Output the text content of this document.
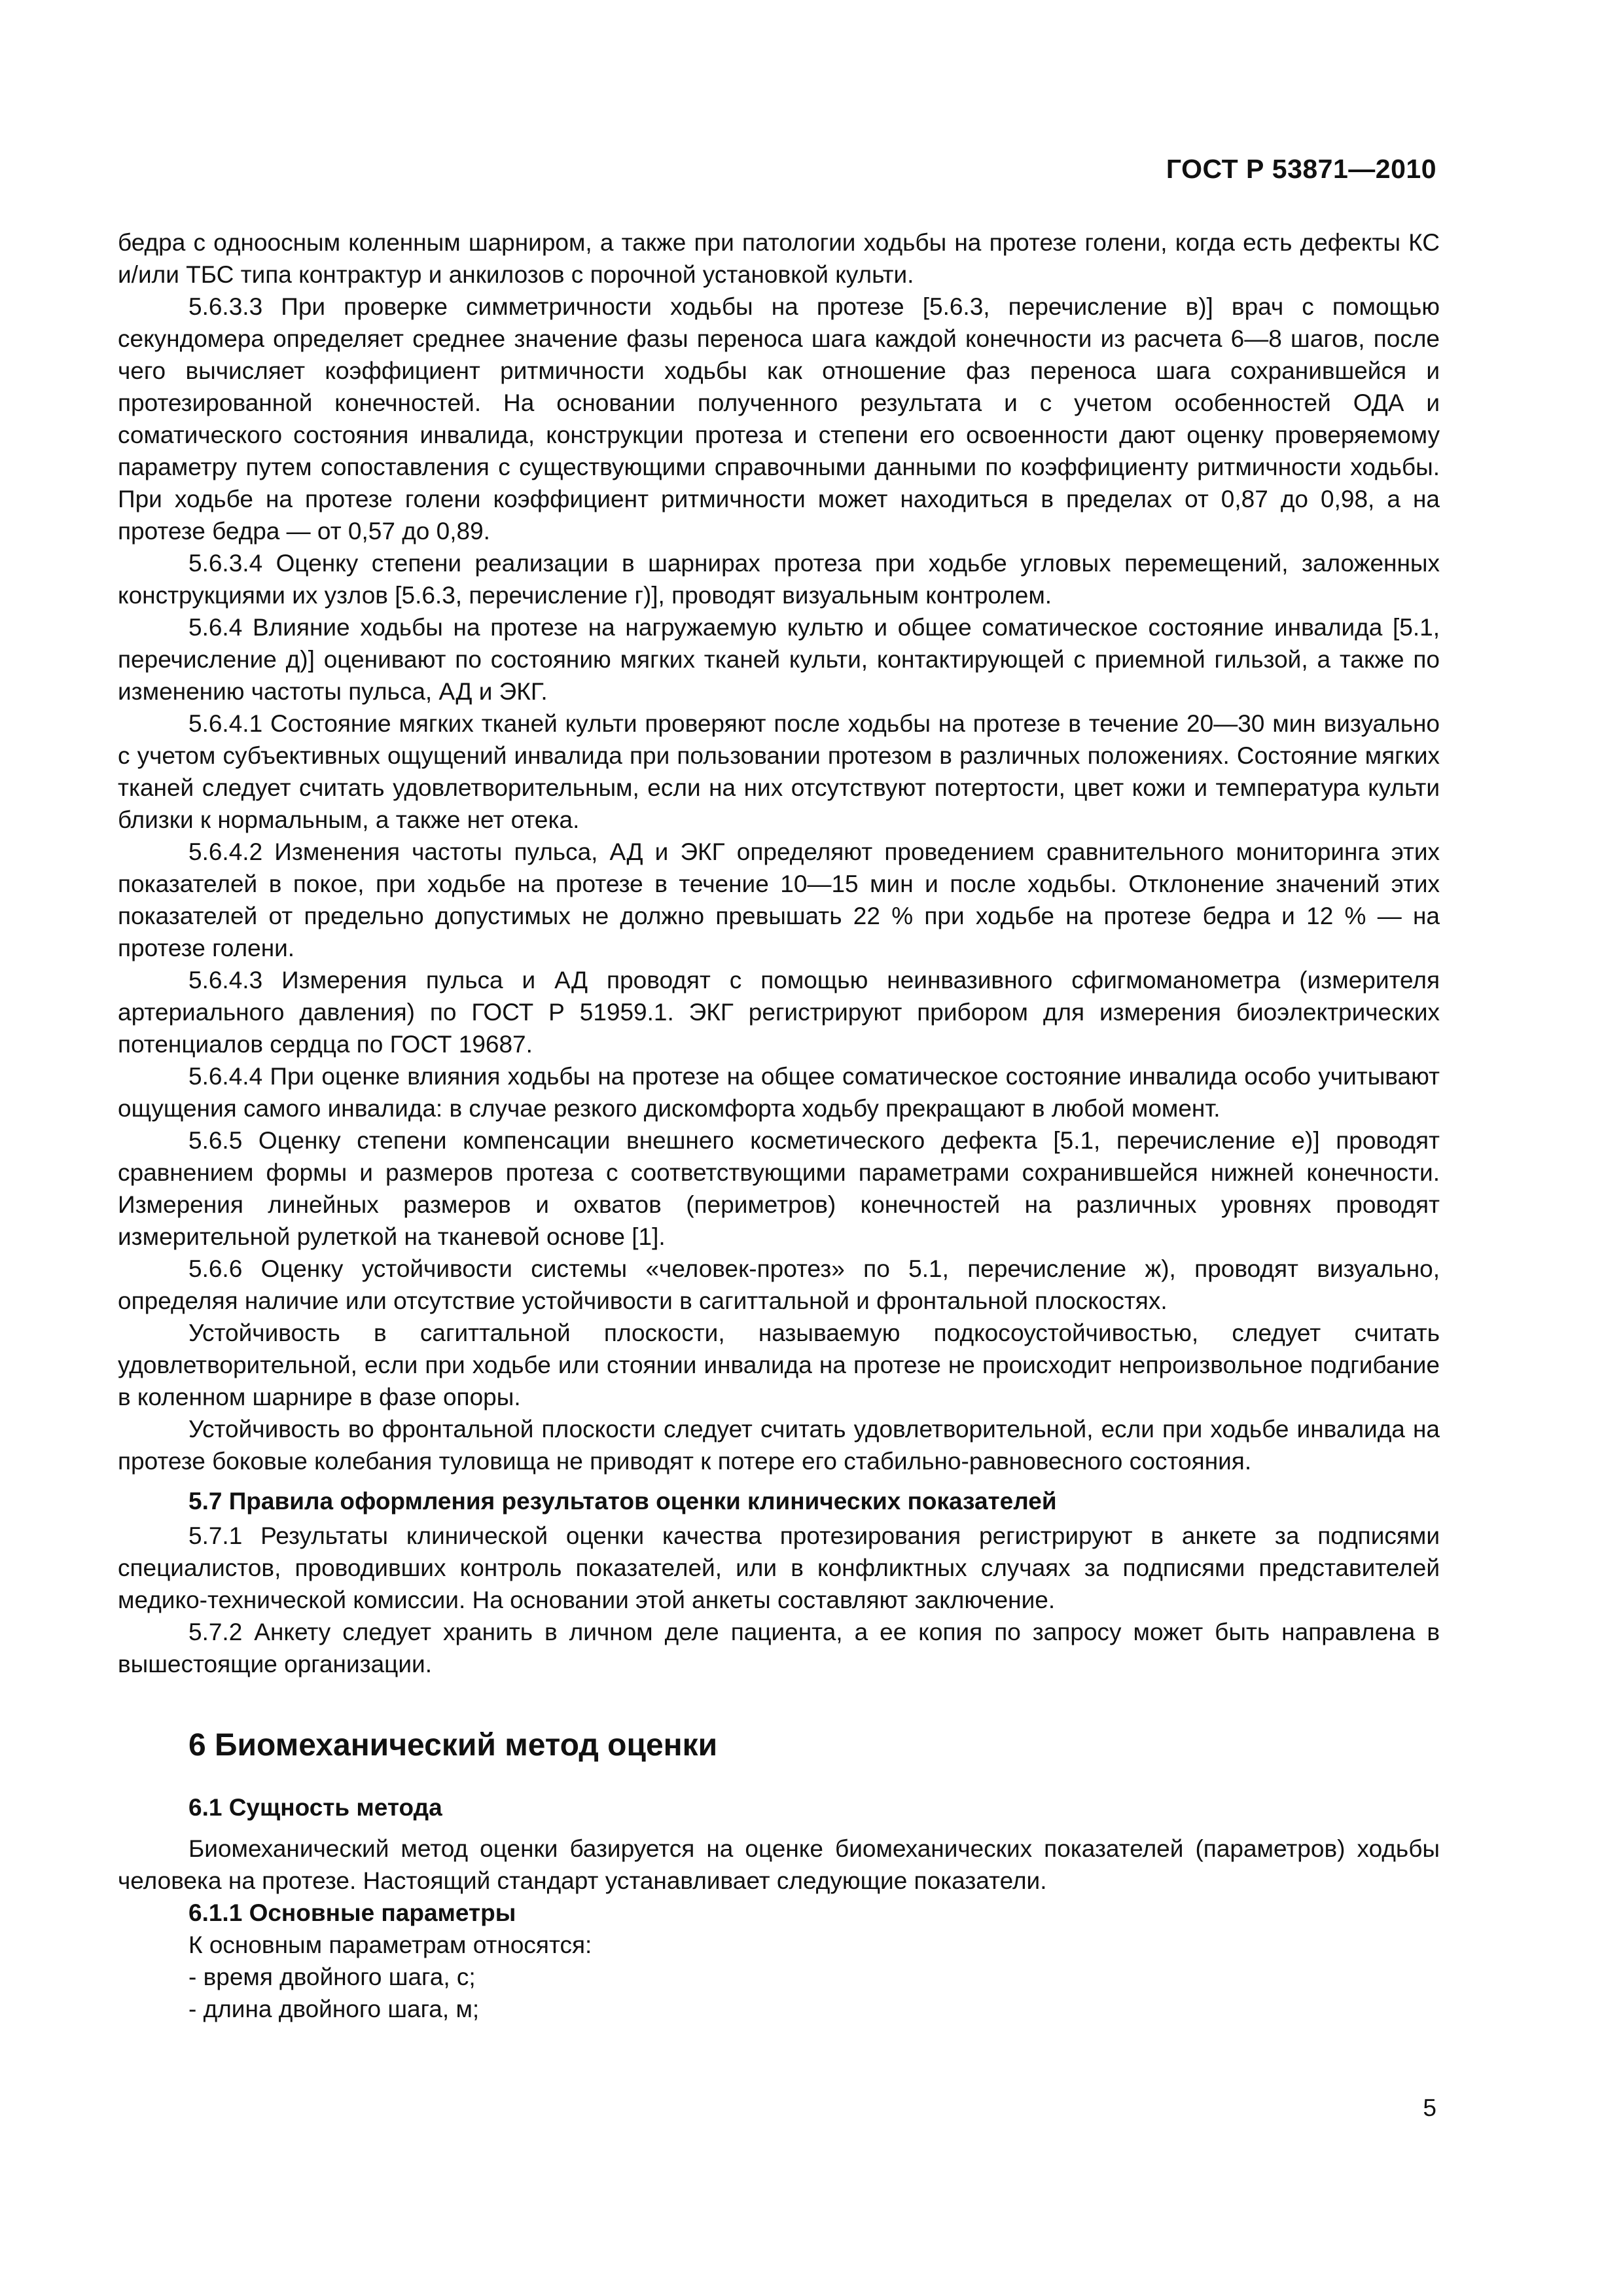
ГОСТ Р 53871—2010

бедра с одноосным коленным шарниром, а также при патологии ходьбы на протезе голени, когда есть дефекты КС и/или ТБС типа контрактур и анкилозов с порочной установкой культи.

5.6.3.3 При проверке симметричности ходьбы на протезе [5.6.3, перечисление в)] врач с помощью секундомера определяет среднее значение фазы переноса шага каждой конечности из расчета 6—8 шагов, после чего вычисляет коэффициент ритмичности ходьбы как отношение фаз переноса шага сохранившейся и протезированной конечностей. На основании полученного результата и с учетом особенностей ОДА и соматического состояния инвалида, конструкции протеза и степени его освоенности дают оценку проверяемому параметру путем сопоставления с существующими справочными данными по коэффициенту ритмичности ходьбы. При ходьбе на протезе голени коэффициент ритмичности может находиться в пределах от 0,87 до 0,98, а на протезе бедра — от 0,57 до 0,89.

5.6.3.4 Оценку степени реализации в шарнирах протеза при ходьбе угловых перемещений, заложенных конструкциями их узлов [5.6.3, перечисление г)], проводят визуальным контролем.

5.6.4 Влияние ходьбы на протезе на нагружаемую культю и общее соматическое состояние инвалида [5.1, перечисление д)] оценивают по состоянию мягких тканей культи, контактирующей с приемной гильзой, а также по изменению частоты пульса, АД и ЭКГ.

5.6.4.1 Состояние мягких тканей культи проверяют после ходьбы на протезе в течение 20—30 мин визуально с учетом субъективных ощущений инвалида при пользовании протезом в различных положениях. Состояние мягких тканей следует считать удовлетворительным, если на них отсутствуют потертости, цвет кожи и температура культи близки к нормальным, а также нет отека.

5.6.4.2 Изменения частоты пульса, АД и ЭКГ определяют проведением сравнительного мониторинга этих показателей в покое, при ходьбе на протезе в течение 10—15 мин и после ходьбы. Отклонение значений этих показателей от предельно допустимых не должно превышать 22 % при ходьбе на протезе бедра и 12 % — на протезе голени.

5.6.4.3 Измерения пульса и АД проводят с помощью неинвазивного сфигмоманометра (измерителя артериального давления) по ГОСТ Р 51959.1. ЭКГ регистрируют прибором для измерения биоэлектрических потенциалов сердца по ГОСТ 19687.

5.6.4.4 При оценке влияния ходьбы на протезе на общее соматическое состояние инвалида особо учитывают ощущения самого инвалида: в случае резкого дискомфорта ходьбу прекращают в любой момент.

5.6.5 Оценку степени компенсации внешнего косметического дефекта [5.1, перечисление е)] проводят сравнением формы и размеров протеза с соответствующими параметрами сохранившейся нижней конечности. Измерения линейных размеров и охватов (периметров) конечностей на различных уровнях проводят измерительной рулеткой на тканевой основе [1].

5.6.6 Оценку устойчивости системы «человек-протез» по 5.1, перечисление ж), проводят визуально, определяя наличие или отсутствие устойчивости в сагиттальной и фронтальной плоскостях.

Устойчивость в сагиттальной плоскости, называемую подкосоустойчивостью, следует считать удовлетворительной, если при ходьбе или стоянии инвалида на протезе не происходит непроизвольное подгибание в коленном шарнире в фазе опоры.

Устойчивость во фронтальной плоскости следует считать удовлетворительной, если при ходьбе инвалида на протезе боковые колебания туловища не приводят к потере его стабильно-равновесного состояния.

5.7 Правила оформления результатов оценки клинических показателей

5.7.1 Результаты клинической оценки качества протезирования регистрируют в анкете за подписями специалистов, проводивших контроль показателей, или в конфликтных случаях за подписями представителей медико-технической комиссии. На основании этой анкеты составляют заключение.

5.7.2 Анкету следует хранить в личном деле пациента, а ее копия по запросу может быть направлена в вышестоящие организации.

6 Биомеханический метод оценки
6.1 Сущность метода

Биомеханический метод оценки базируется на оценке биомеханических показателей (параметров) ходьбы человека на протезе. Настоящий стандарт устанавливает следующие показатели.

6.1.1 Основные параметры

К основным параметрам относятся:

- время двойного шага, с;
- длина двойного шага, м;
5
